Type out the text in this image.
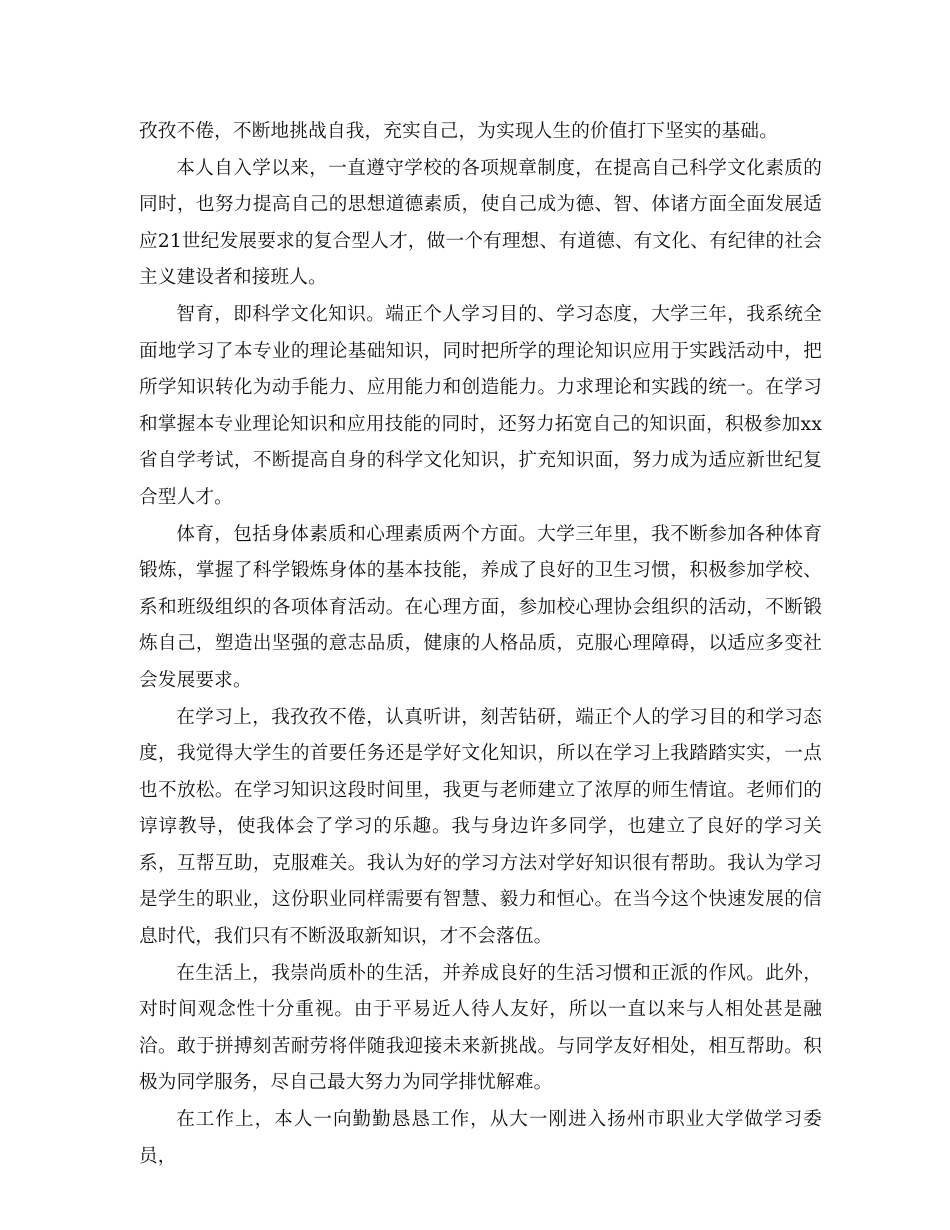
孜孜不倦，不断地挑战自我，充实自己，为实现人生的价值打下坚实的基础。

本人自入学以来，一直遵守学校的各项规章制度，在提高自己科学文化素质的同时，也努力提高自己的思想道德素质，使自己成为德、智、体诸方面全面发展适应21世纪发展要求的复合型人才，做一个有理想、有道德、有文化、有纪律的社会主义建设者和接班人。

智育，即科学文化知识。端正个人学习目的、学习态度，大学三年，我系统全面地学习了本专业的理论基础知识，同时把所学的理论知识应用于实践活动中，把所学知识转化为动手能力、应用能力和创造能力。力求理论和实践的统一。在学习和掌握本专业理论知识和应用技能的同时，还努力拓宽自己的知识面，积极参加xx省自学考试，不断提高自身的科学文化知识，扩充知识面，努力成为适应新世纪复合型人才。

体育，包括身体素质和心理素质两个方面。大学三年里，我不断参加各种体育锻炼，掌握了科学锻炼身体的基本技能，养成了良好的卫生习惯，积极参加学校、系和班级组织的各项体育活动。在心理方面，参加校心理协会组织的活动，不断锻炼自己，塑造出坚强的意志品质，健康的人格品质，克服心理障碍，以适应多变社会发展要求。

在学习上，我孜孜不倦，认真听讲，刻苦钻研，端正个人的学习目的和学习态度，我觉得大学生的首要任务还是学好文化知识，所以在学习上我踏踏实实，一点也不放松。在学习知识这段时间里，我更与老师建立了浓厚的师生情谊。老师们的谆谆教导，使我体会了学习的乐趣。我与身边许多同学，也建立了良好的学习关系，互帮互助，克服难关。我认为好的学习方法对学好知识很有帮助。我认为学习是学生的职业，这份职业同样需要有智慧、毅力和恒心。在当今这个快速发展的信息时代，我们只有不断汲取新知识，才不会落伍。

在生活上，我崇尚质朴的生活，并养成良好的生活习惯和正派的作风。此外，对时间观念性十分重视。由于平易近人待人友好，所以一直以来与人相处甚是融洽。敢于拼搏刻苦耐劳将伴随我迎接未来新挑战。与同学友好相处，相互帮助。积极为同学服务，尽自己最大努力为同学排忧解难。

在工作上，本人一向勤勤恳恳工作，从大一刚进入扬州市职业大学做学习委员，
